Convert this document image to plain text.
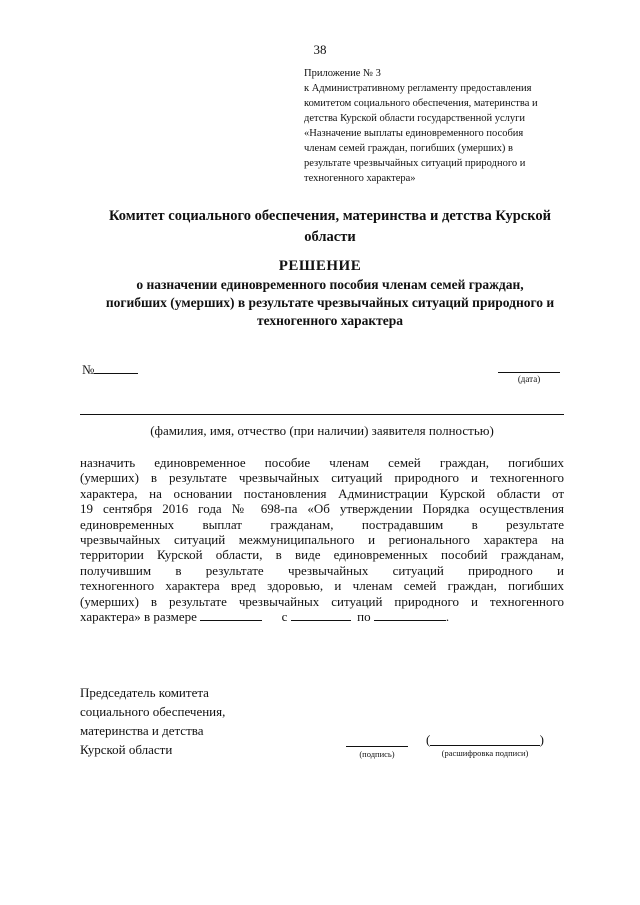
38
Приложение № 3
к Административному регламенту предоставления
комитетом социального обеспечения, материнства и
детства Курской области государственной услуги
«Назначение выплаты единовременного пособия
членам семей граждан, погибших (умерших) в
результате чрезвычайных ситуаций природного и
техногенного характера»
Комитет социального обеспечения, материнства и детства Курской
области
РЕШЕНИЕ
о назначении единовременного пособия членам семей граждан,
погибших (умерших) в результате чрезвычайных ситуаций природного и
техногенного характера
№
(дата)
(фамилия, имя, отчество (при наличии) заявителя полностью)
назначить единовременное пособие членам семей граждан, погибших
(умерших) в результате чрезвычайных ситуаций природного и техногенного
характера, на основании постановления Администрации Курской области от
19 сентября 2016 года № 698-па «Об утверждении Порядка осуществления
единовременных выплат гражданам, пострадавшим в результате
чрезвычайных ситуаций межмуниципального и регионального характера на
территории Курской области, в виде единовременных пособий гражданам,
получившим в результате чрезвычайных ситуаций природного и
техногенного характера вред здоровью, и членам семей граждан, погибших
(умерших) в результате чрезвычайных ситуаций природного и техногенного
характера» в размере	с	по	.
Председатель комитета
социального обеспечения,
материнства и детства
Курской области	(подпись)
(	)
(расшифровка подписи)
